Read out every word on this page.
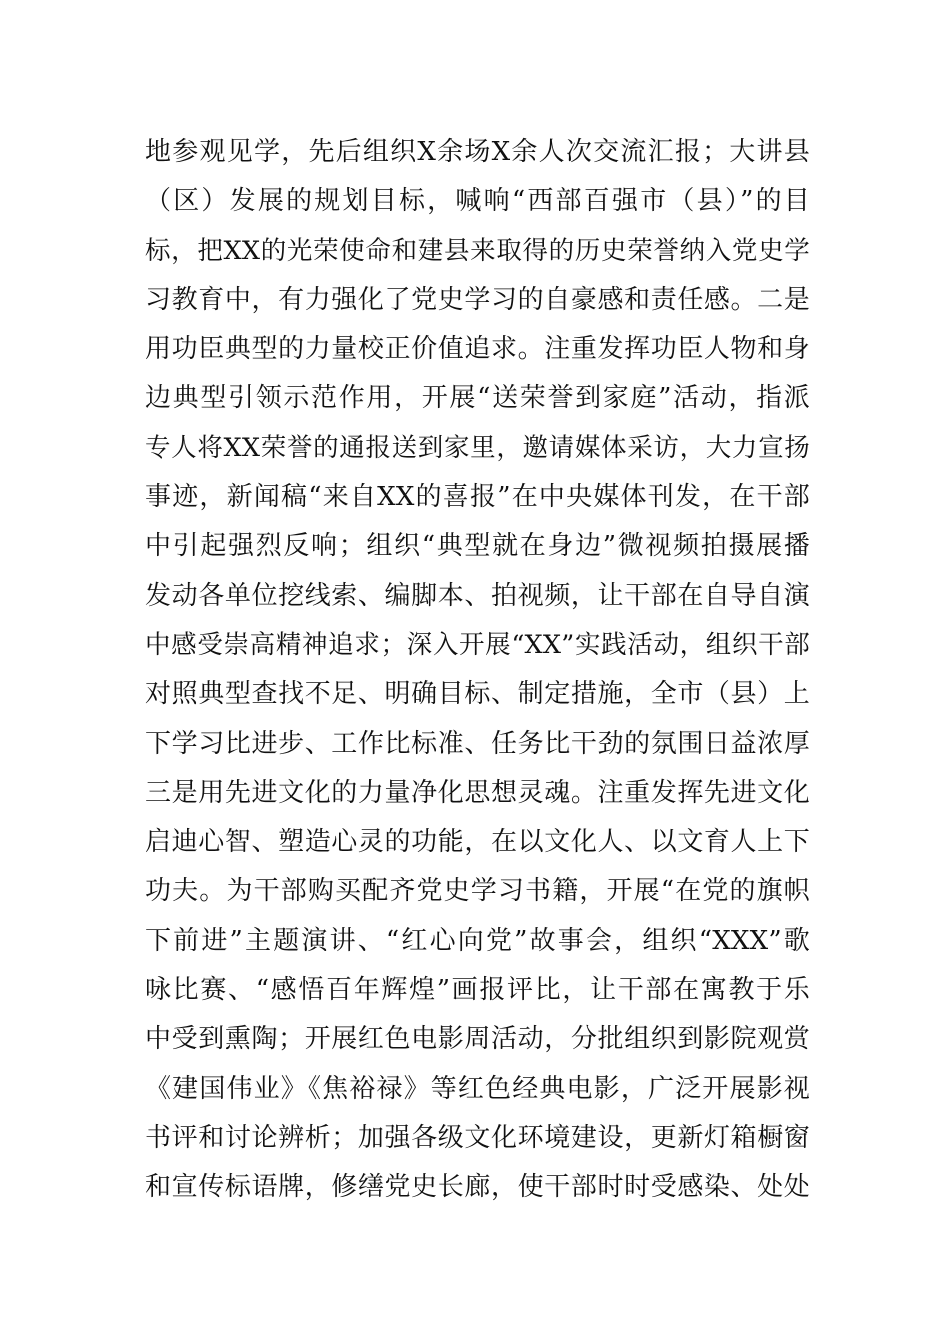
地参观见学，先后组织X余场X余人次交流汇报；大讲县
（区）发展的规划目标，喊响“西部百强市（县）”的目
标，把XX的光荣使命和建县来取得的历史荣誉纳入党史学
习教育中，有力强化了党史学习的自豪感和责任感。二是
用功臣典型的力量校正价值追求。注重发挥功臣人物和身
边典型引领示范作用，开展“送荣誉到家庭”活动，指派
专人将XX荣誉的通报送到家里，邀请媒体采访，大力宣扬
事迹，新闻稿“来自XX的喜报”在中央媒体刊发，在干部
中引起强烈反响；组织“典型就在身边”微视频拍摄展播
发动各单位挖线索、编脚本、拍视频，让干部在自导自演
中感受崇高精神追求；深入开展“XX”实践活动，组织干部
对照典型查找不足、明确目标、制定措施，全市（县）上
下学习比进步、工作比标准、任务比干劲的氛围日益浓厚
三是用先进文化的力量净化思想灵魂。注重发挥先进文化
启迪心智、塑造心灵的功能，在以文化人、以文育人上下
功夫。为干部购买配齐党史学习书籍，开展“在党的旗帜
下前进”主题演讲、“红心向党”故事会，组织“XXX”歌
咏比赛、“感悟百年辉煌”画报评比，让干部在寓教于乐
中受到熏陶；开展红色电影周活动，分批组织到影院观赏
《建国伟业》《焦裕禄》等红色经典电影，广泛开展影视
书评和讨论辨析；加强各级文化环境建设，更新灯箱橱窗
和宣传标语牌，修缮党史长廊，使干部时时受感染、处处
